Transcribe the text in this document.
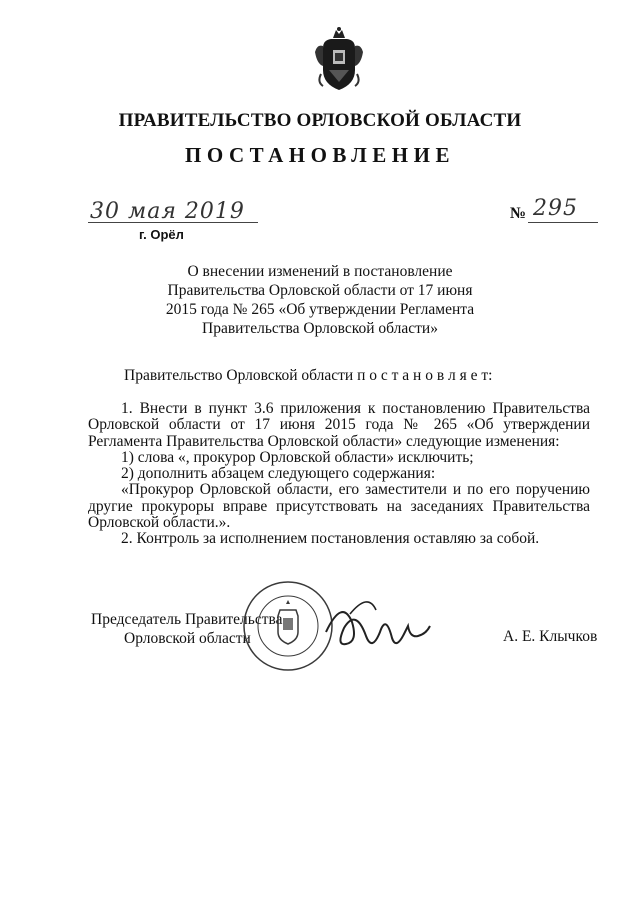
ПРАВИТЕЛЬСТВО ОРЛОВСКОЙ ОБЛАСТИ
ПОСТАНОВЛЕНИЕ
30 мая 2019
г. Орёл
№ 295
О внесении изменений в постановление
Правительства Орловской области от 17 июня
2015 года № 265 «Об утверждении Регламента
Правительства Орловской области»
Правительство Орловской области п о с т а н о в л я е т:

1. Внести в пункт 3.6 приложения к постановлению Правительства Орловской области от 17 июня 2015 года № 265 «Об утверждении Регламента Правительства Орловской области» следующие изменения:

1) слова «, прокурор Орловской области» исключить;

2) дополнить абзацем следующего содержания:

«Прокурор Орловской области, его заместители и по его поручению другие прокуроры вправе присутствовать на заседаниях Правительства Орловской области.».

2. Контроль за исполнением постановления оставляю за собой.

Председатель Правительства
Орловской области	А. Е. Клычков
